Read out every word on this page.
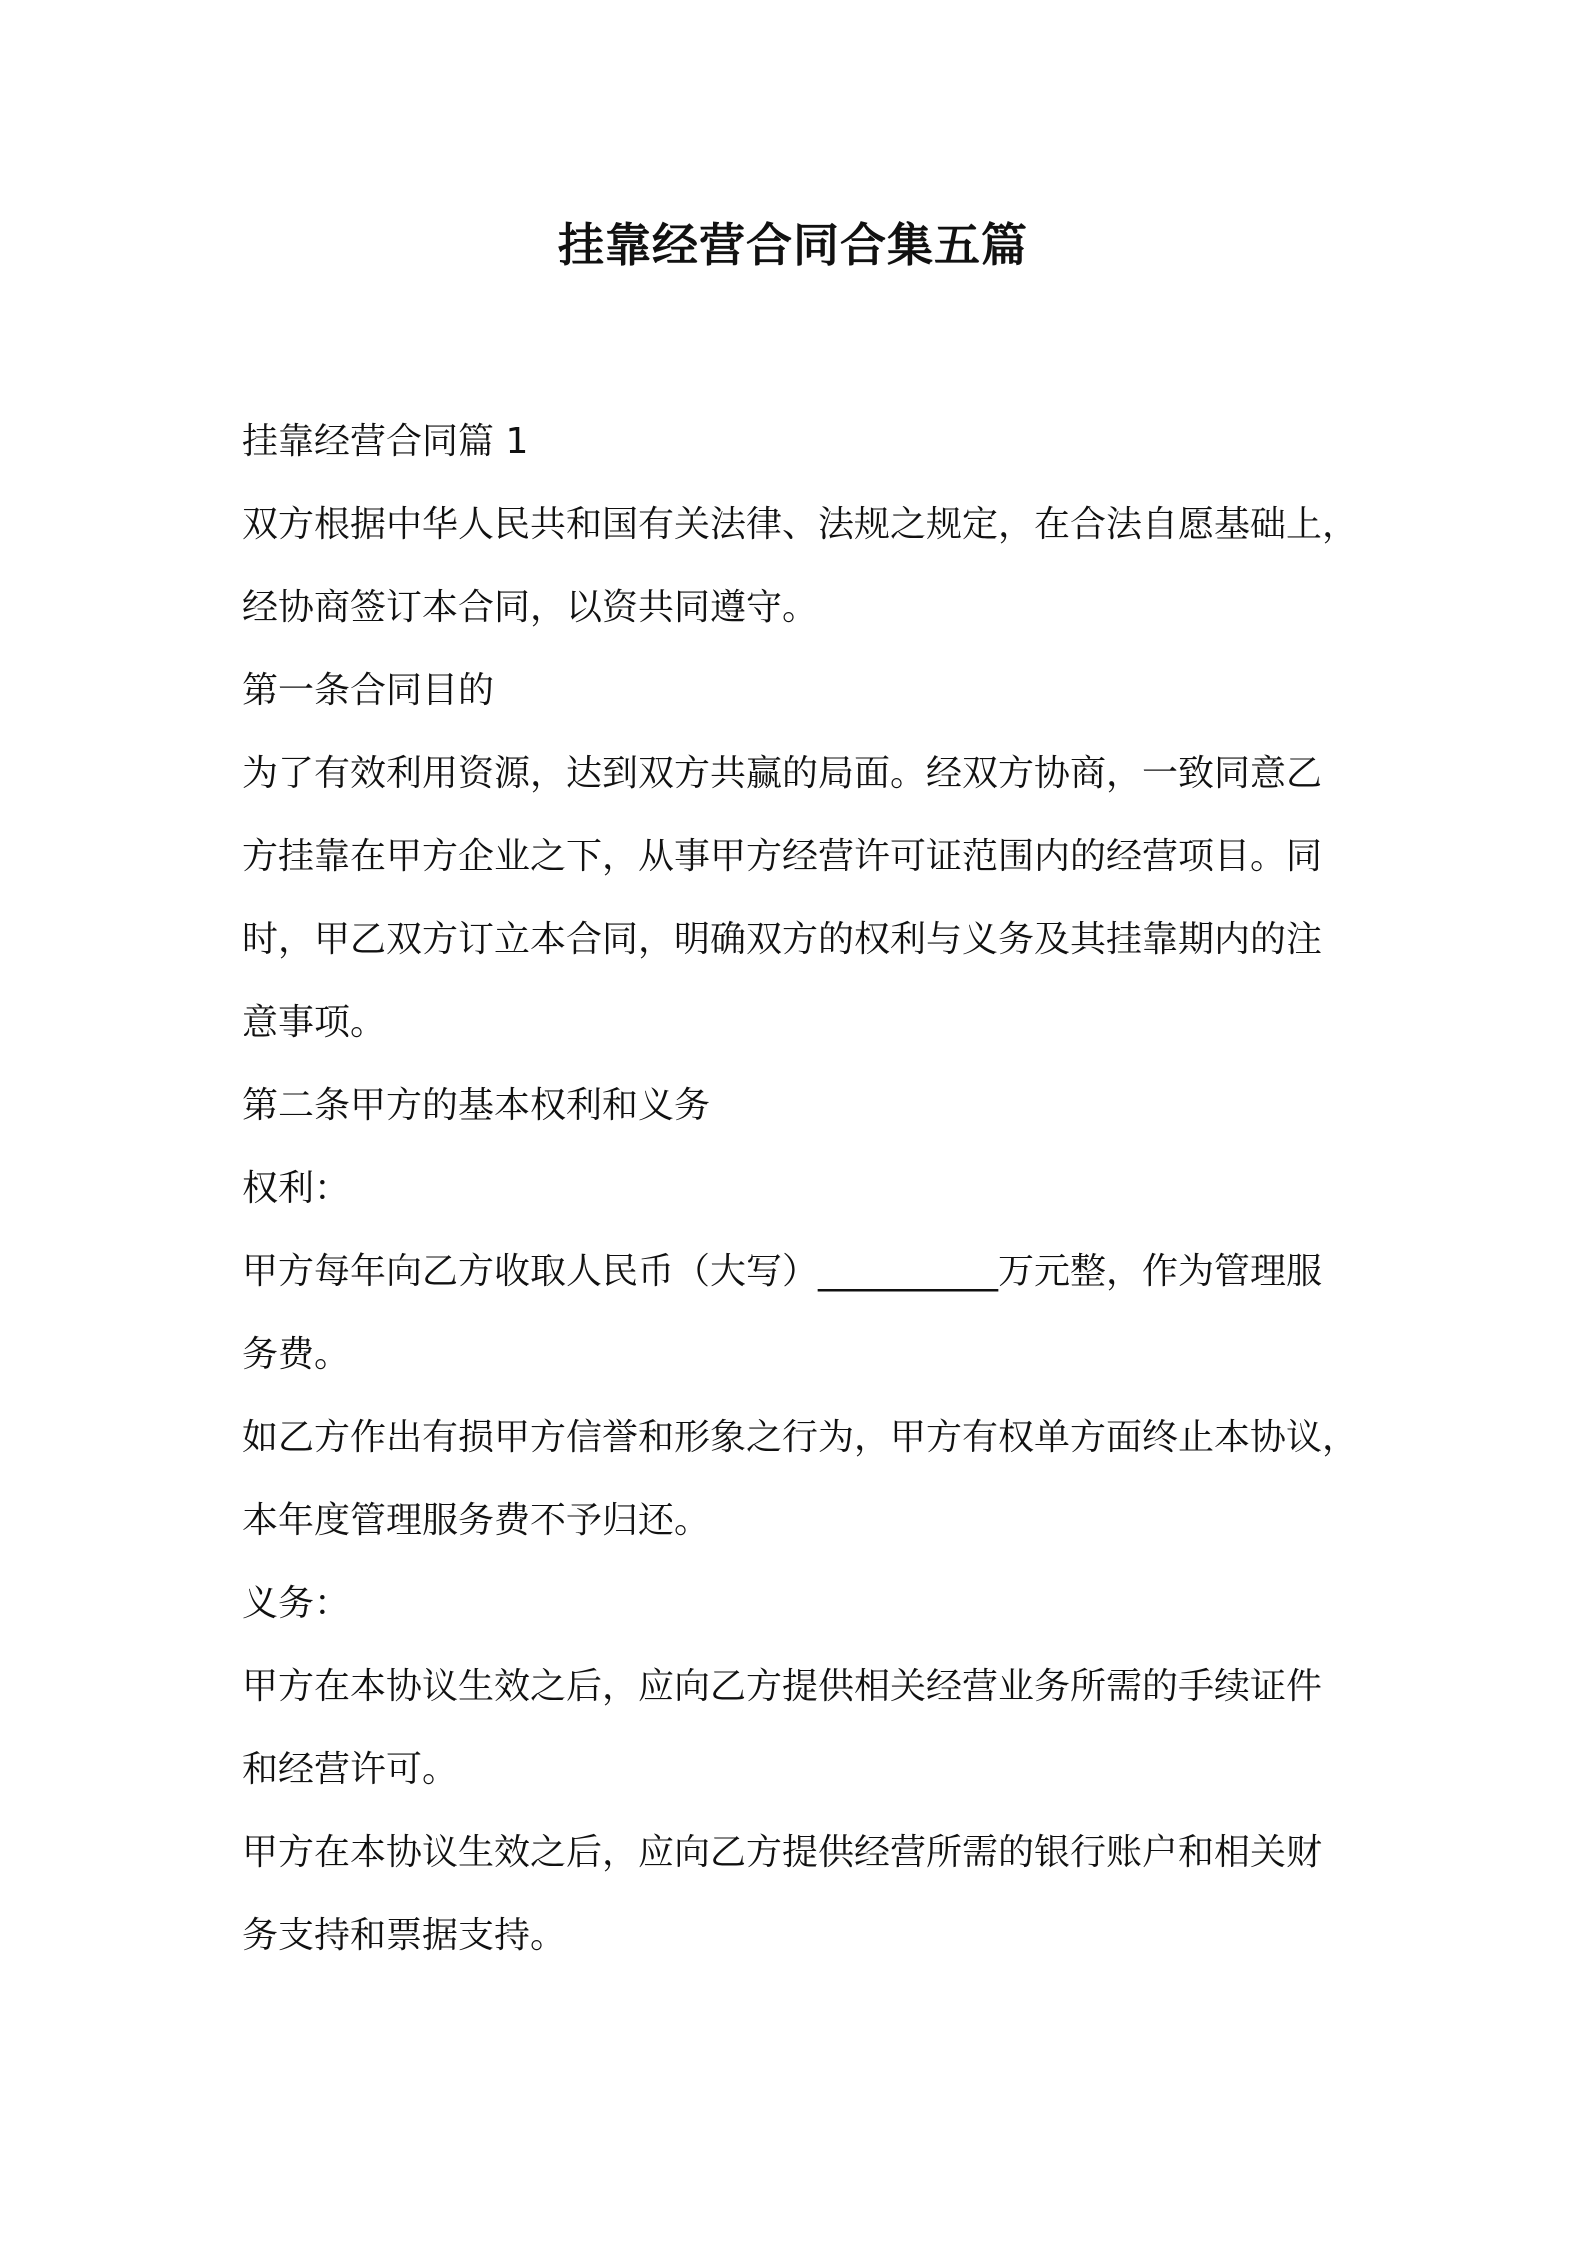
挂靠经营合同合集五篇

挂靠经营合同篇 1

双方根据中华人民共和国有关法律、法规之规定，在合法自愿基础上，

经协商签订本合同，以资共同遵守。

第一条合同目的

为了有效利用资源，达到双方共赢的局面。经双方协商，一致同意乙

方挂靠在甲方企业之下，从事甲方经营许可证范围内的经营项目。同

时，甲乙双方订立本合同，明确双方的权利与义务及其挂靠期内的注

意事项。

第二条甲方的基本权利和义务

权利：

甲方每年向乙方收取人民币（大写）__________万元整，作为管理服

务费。

如乙方作出有损甲方信誉和形象之行为，甲方有权单方面终止本协议，

本年度管理服务费不予归还。

义务：

甲方在本协议生效之后，应向乙方提供相关经营业务所需的手续证件

和经营许可。

甲方在本协议生效之后，应向乙方提供经营所需的银行账户和相关财

务支持和票据支持。
